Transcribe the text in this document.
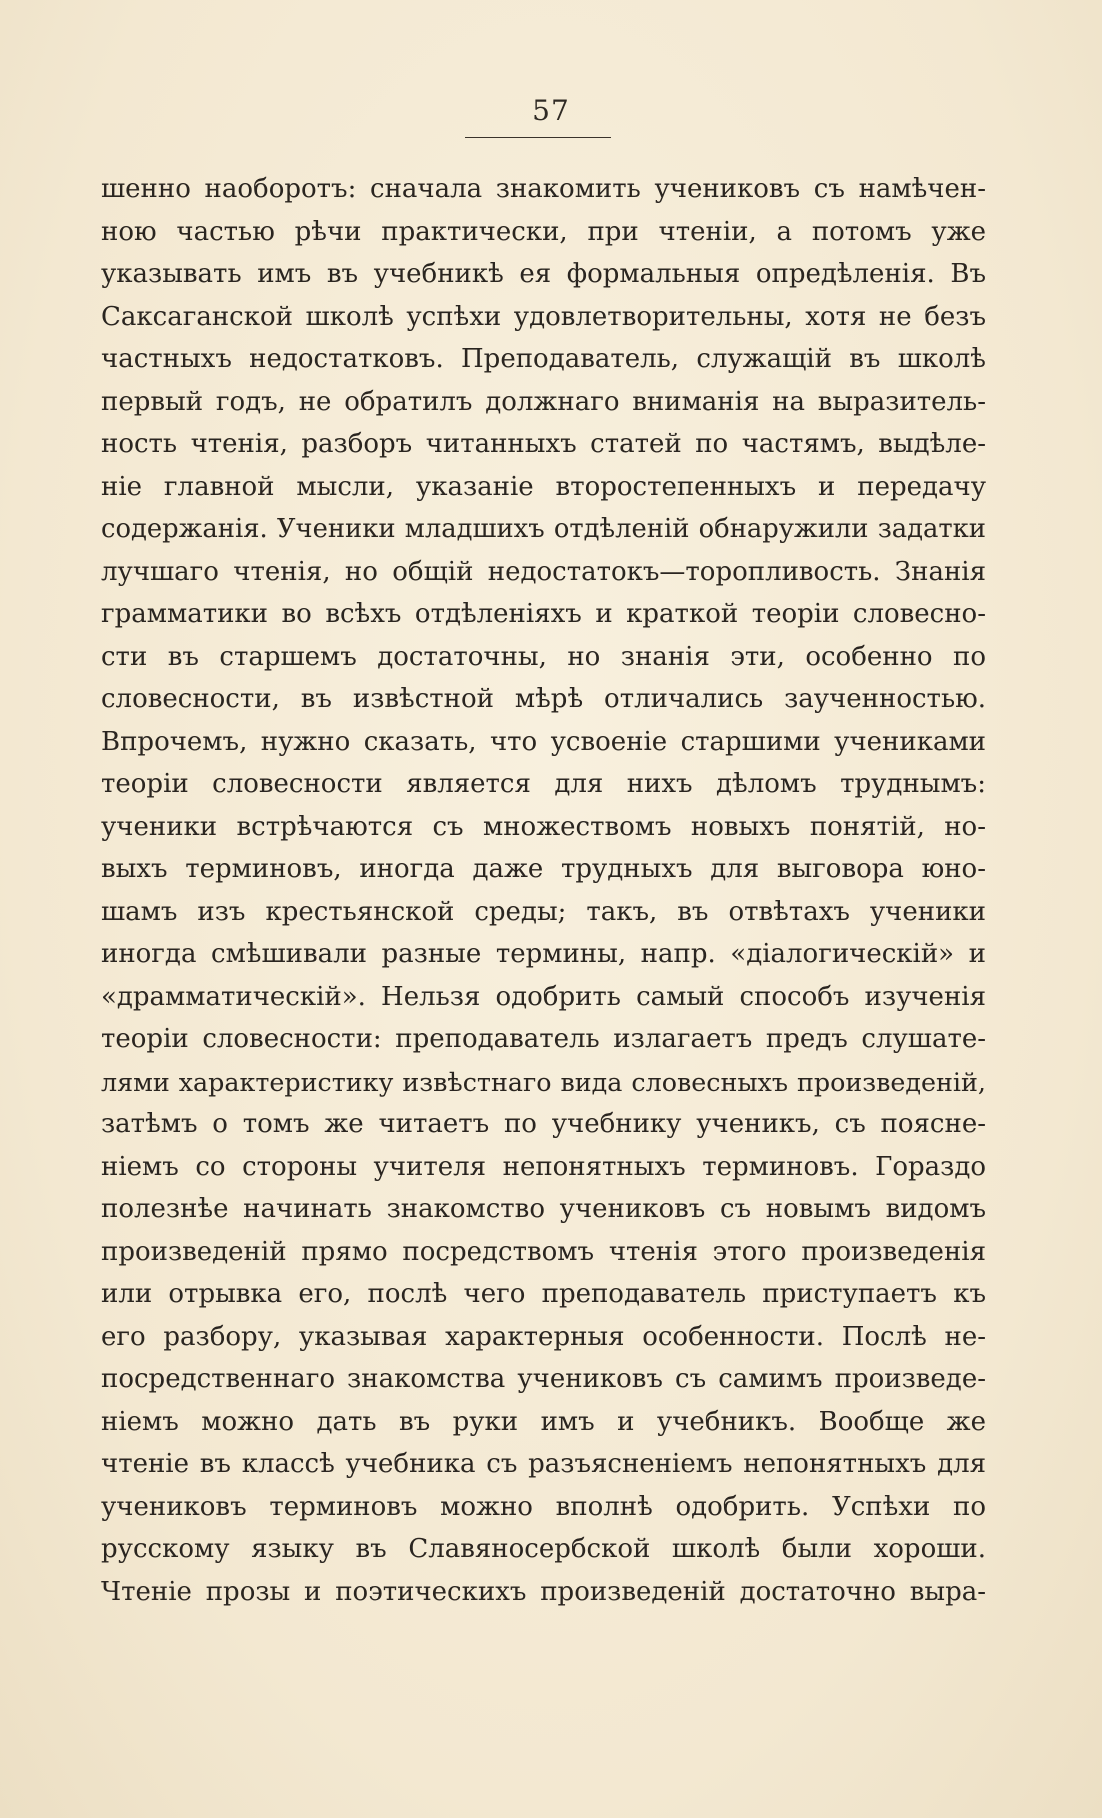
57
шенно наоборотъ: сначала знакомить учениковъ съ намѣчен-
ною частью рѣчи практически, при чтеніи, а потомъ уже
указывать имъ въ учебникѣ ея формальныя опредѣленія. Въ
Саксаганской школѣ успѣхи удовлетворительны, хотя не безъ
частныхъ недостатковъ. Преподаватель, служащій въ школѣ
первый годъ, не обратилъ должнаго вниманія на выразитель-
ность чтенія, разборъ читанныхъ статей по частямъ, выдѣле-
ніе главной мысли, указаніе второстепенныхъ и передачу
содержанія. Ученики младшихъ отдѣленій обнаружили задатки
лучшаго чтенія, но общій недостатокъ—торопливость. Знанія
грамматики во всѣхъ отдѣленіяхъ и краткой теоріи словесно-
сти въ старшемъ достаточны, но знанія эти, особенно по
словесности, въ извѣстной мѣрѣ отличались заученностью.
Впрочемъ, нужно сказать, что усвоеніе старшими учениками
теоріи словесности является для нихъ дѣломъ труднымъ:
ученики встрѣчаются съ множествомъ новыхъ понятій, но-
выхъ терминовъ, иногда даже трудныхъ для выговора юно-
шамъ изъ крестьянской среды; такъ, въ отвѣтахъ ученики
иногда смѣшивали разные термины, напр. «діалогическій» и
«драмматическій». Нельзя одобрить самый способъ изученія
теоріи словесности: преподаватель излагаетъ предъ слушате-
лями характеристику извѣстнаго вида словесныхъ произведеній,
затѣмъ о томъ же читаетъ по учебнику ученикъ, съ поясне-
ніемъ со стороны учителя непонятныхъ терминовъ. Гораздо
полезнѣе начинать знакомство учениковъ съ новымъ видомъ
произведеній прямо посредствомъ чтенія этого произведенія
или отрывка его, послѣ чего преподаватель приступаетъ къ
его разбору, указывая характерныя особенности. Послѣ не-
посредственнаго знакомства учениковъ съ самимъ произведе-
ніемъ можно дать въ руки имъ и учебникъ. Вообще же
чтеніе въ классѣ учебника съ разъясненіемъ непонятныхъ для
учениковъ терминовъ можно вполнѣ одобрить. Успѣхи по
русскому языку въ Славяносербской школѣ были хороши.
Чтеніе прозы и поэтическихъ произведеній достаточно выра-
